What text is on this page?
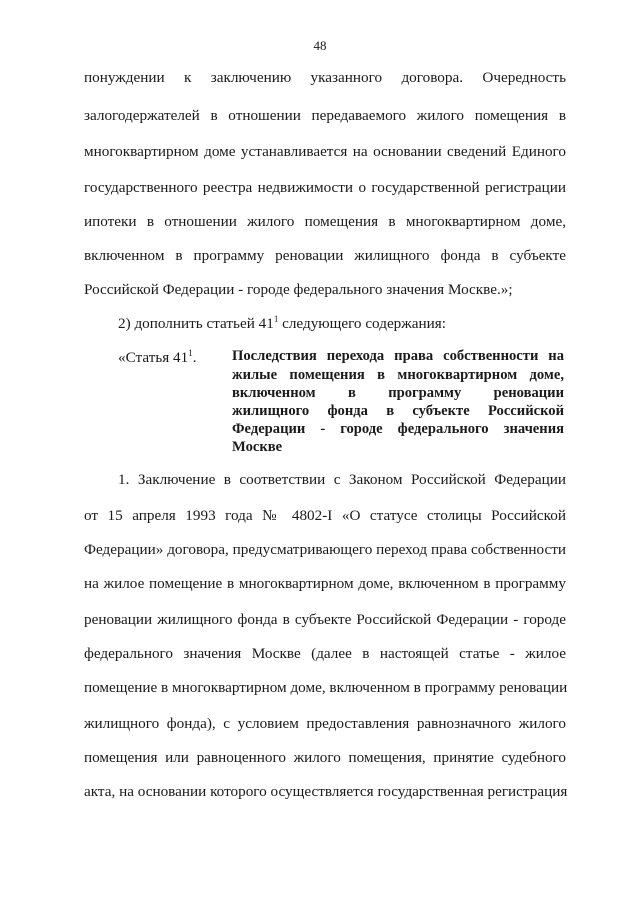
48
понуждении к заключению указанного договора. Очередность
залогодержателей в отношении передаваемого жилого помещения в
многоквартирном доме устанавливается на основании сведений Единого
государственного реестра недвижимости о государственной регистрации
ипотеки в отношении жилого помещения в многоквартирном доме,
включенном в программу реновации жилищного фонда в субъекте
Российской Федерации - городе федерального значения Москве.»;
2) дополнить статьей $41^1$ следующего содержания:
«Статья $41^1$. Последствия перехода права собственности на
жилые помещения в многоквартирном доме,
включенном в программу реновации
жилищного фонда в субъекте Российской
Федерации - городе федерального значения
Москве
1. Заключение в соответствии с Законом Российской Федерации
от 15 апреля 1993 года № 4802-I «О статусе столицы Российской
Федерации» договора, предусматривающего переход права собственности
на жилое помещение в многоквартирном доме, включенном в программу
реновации жилищного фонда в субъекте Российской Федерации - городе
федерального значения Москве (далее в настоящей статье - жилое
помещение в многоквартирном доме, включенном в программу реновации
жилищного фонда), с условием предоставления равнозначного жилого
помещения или равноценного жилого помещения, принятие судебного
акта, на основании которого осуществляется государственная регистрация
